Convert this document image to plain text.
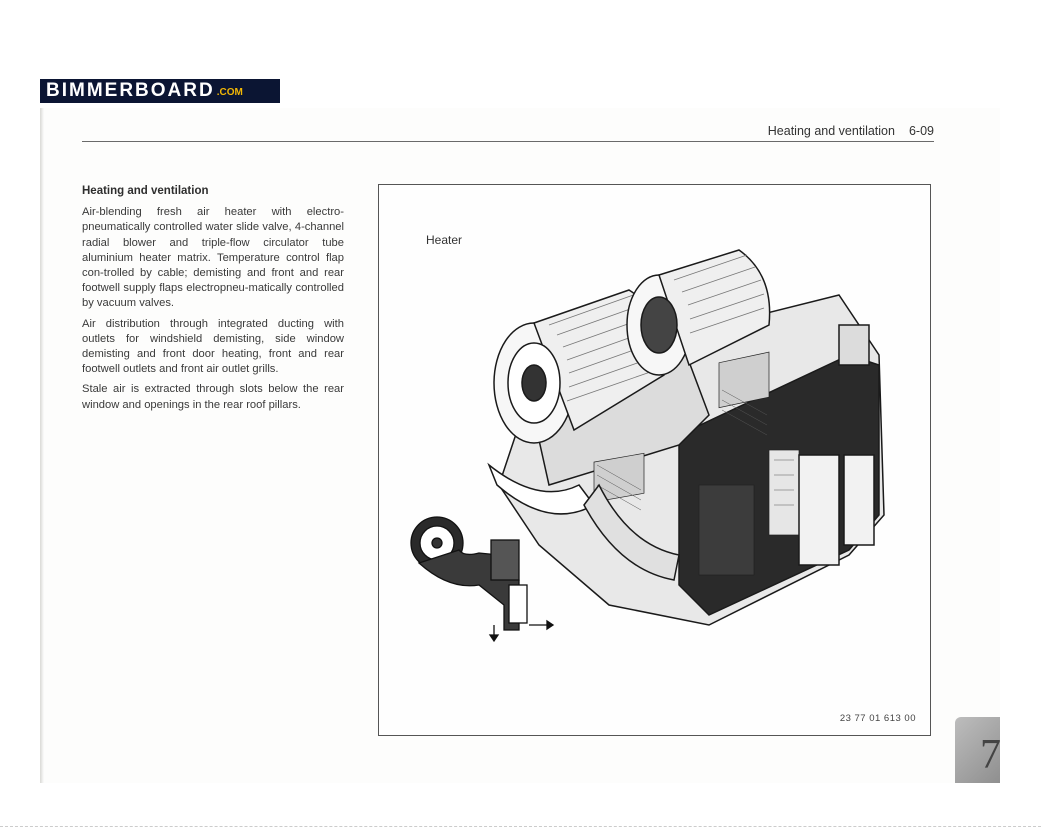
BIMMERBOARD .COM
Heating and ventilation 6-09
Heating and ventilation

Air-blending fresh air heater with electro-pneumatically controlled water slide valve, 4-channel radial blower and triple-flow circulator tube aluminium heater matrix. Temperature control flap con-trolled by cable; demisting and front and rear footwell supply flaps electropneu-matically controlled by vacuum valves.

Air distribution through integrated ducting with outlets for windshield demisting, side window demisting and front door heating, front and rear footwell outlets and front air outlet grills.

Stale air is extracted through slots below the rear window and openings in the rear roof pillars.

Heater
23 77 01 613 00
7
